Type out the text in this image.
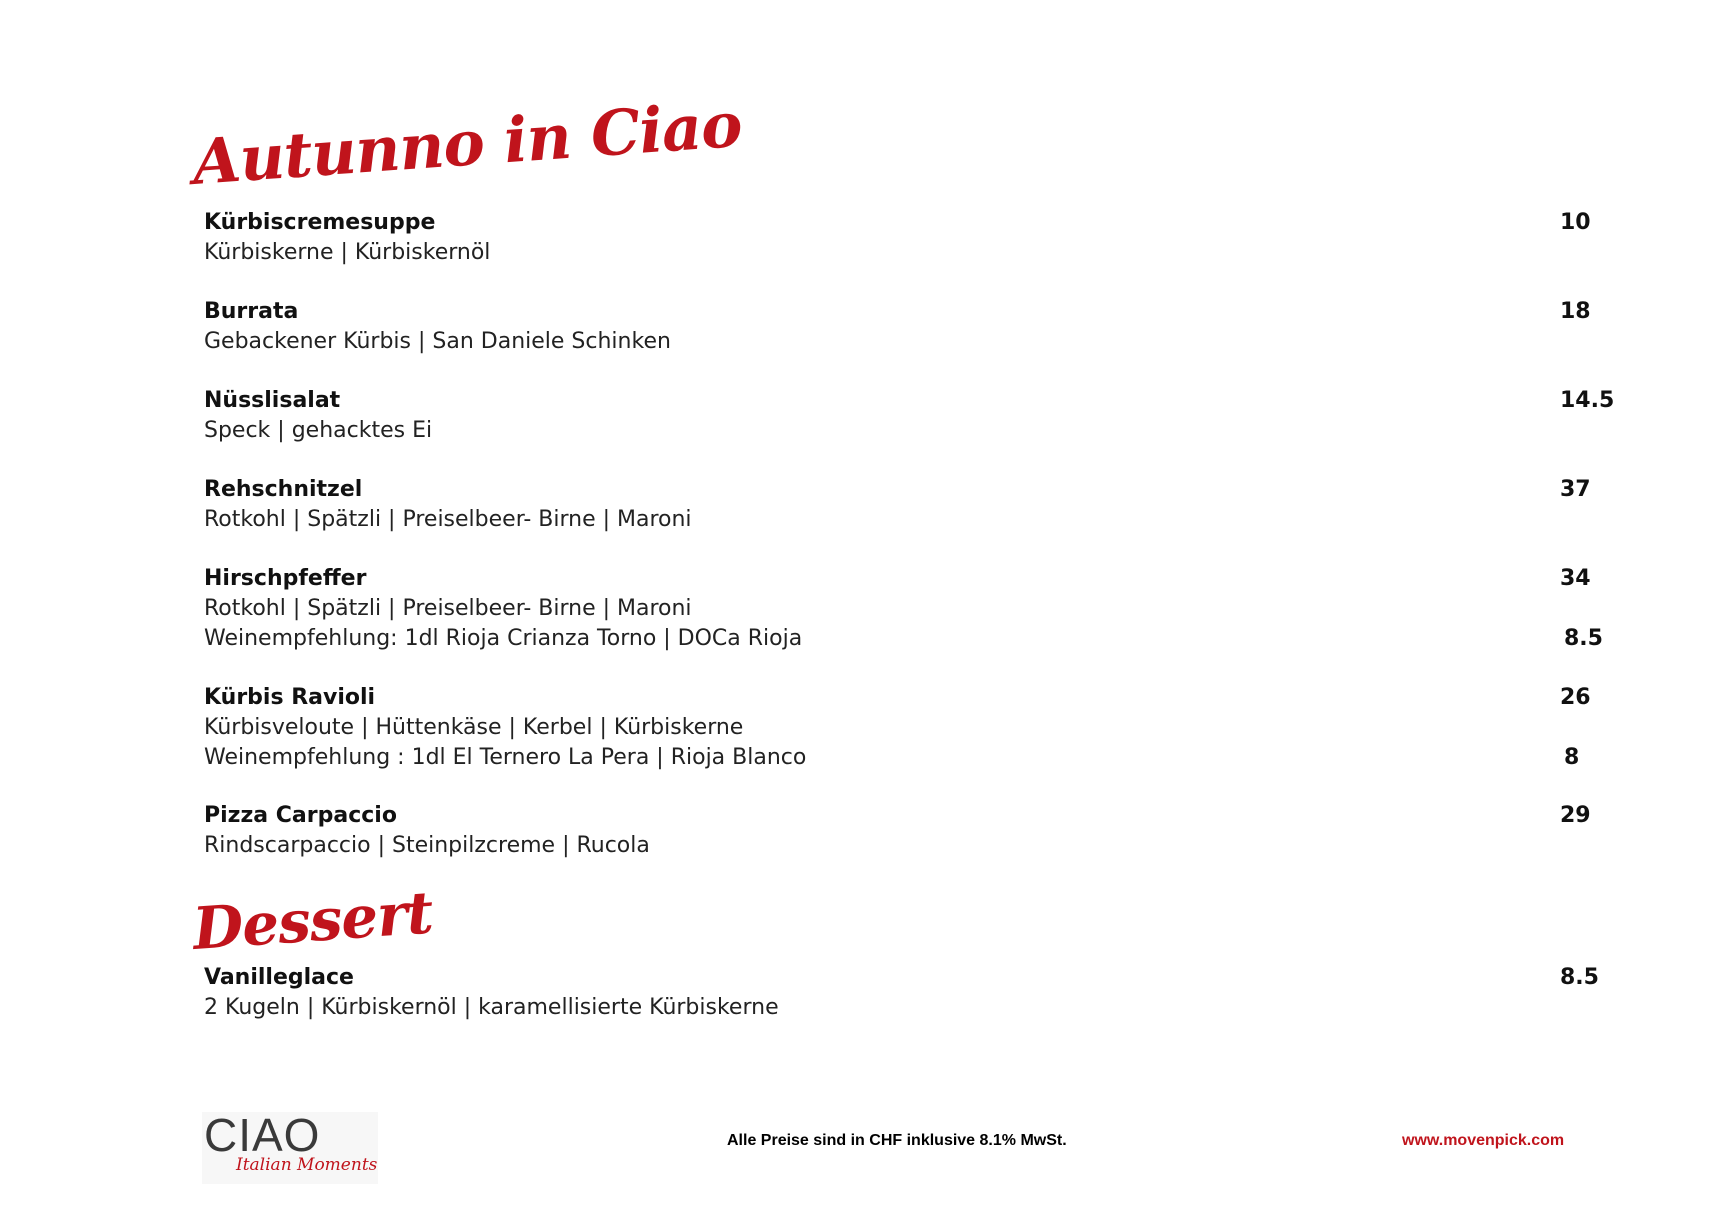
Autunno in Ciao
Kürbiscremesuppe	10
Kürbiskerne | Kürbiskernöl
Burrata	18
Gebackener Kürbis | San Daniele Schinken
Nüsslisalat	14.5
Speck | gehacktes Ei
Rehschnitzel	37
Rotkohl | Spätzli | Preiselbeer- Birne | Maroni
Hirschpfeffer	34
Rotkohl | Spätzli | Preiselbeer- Birne | Maroni
Weinempfehlung: 1dl Rioja Crianza Torno | DOCa Rioja	8.5
Kürbis Ravioli	26
Kürbisveloute | Hüttenkäse | Kerbel | Kürbiskerne
Weinempfehlung : 1dl El Ternero La Pera | Rioja Blanco	8
Pizza Carpaccio	29
Rindscarpaccio | Steinpilzcreme | Rucola
Dessert
Vanilleglace	8.5
2 Kugeln | Kürbiskernöl | karamellisierte Kürbiskerne
CIAO
Italian Moments
Alle Preise sind in CHF inklusive 8.1% MwSt.	www.movenpick.com
